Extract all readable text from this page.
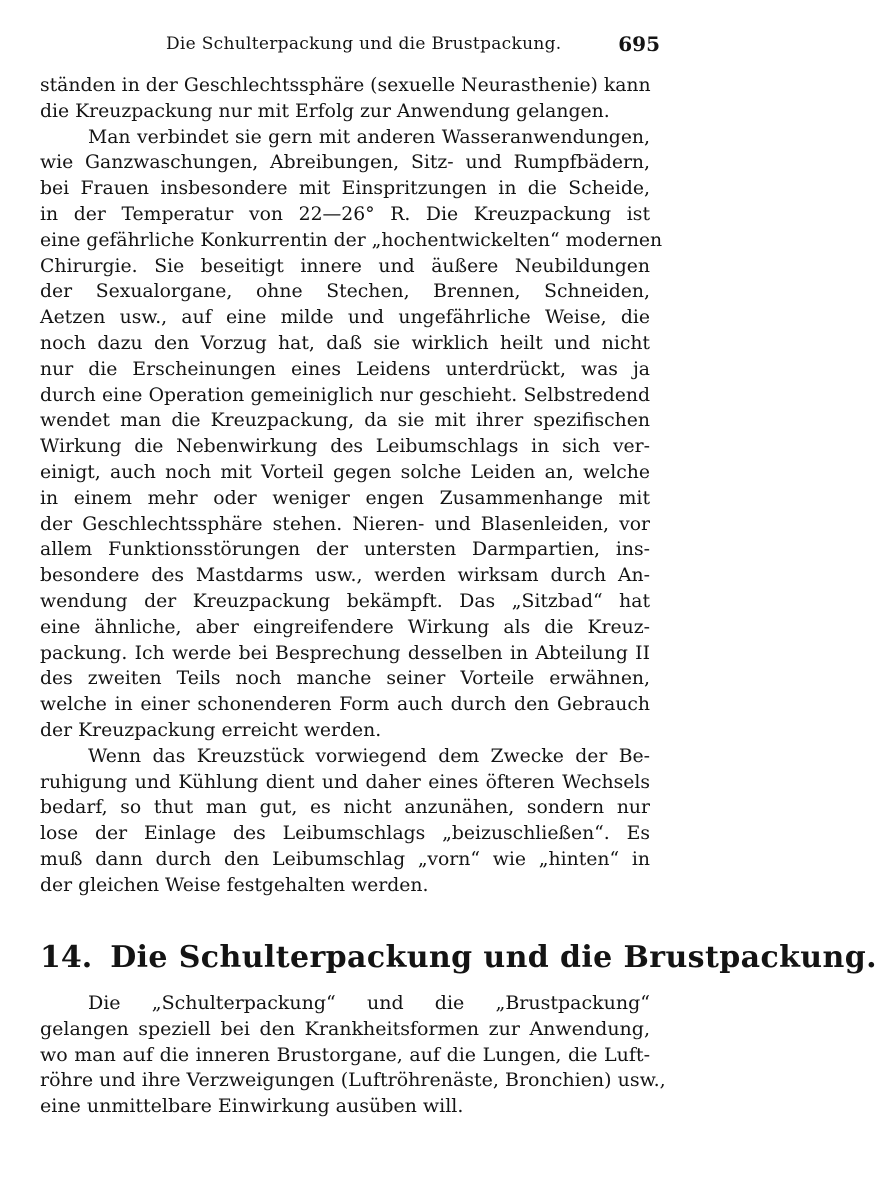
Die Schulterpackung und die Brustpackung.	695
ständen in der Geschlechtssphäre (sexuelle Neurasthenie) kann
die Kreuzpackung nur mit Erfolg zur Anwendung gelangen.
Man verbindet sie gern mit anderen Wasseranwendungen,
wie Ganzwaschungen, Abreibungen, Sitz- und Rumpfbädern,
bei Frauen insbesondere mit Einspritzungen in die Scheide,
in der Temperatur von 22—26° R. Die Kreuzpackung ist
eine gefährliche Konkurrentin der „hochentwickelten“ modernen
Chirurgie. Sie beseitigt innere und äußere Neubildungen
der Sexualorgane, ohne Stechen, Brennen, Schneiden,
Aetzen usw., auf eine milde und ungefährliche Weise, die
noch dazu den Vorzug hat, daß sie wirklich heilt und nicht
nur die Erscheinungen eines Leidens unterdrückt, was ja
durch eine Operation gemeiniglich nur geschieht. Selbstredend
wendet man die Kreuzpackung, da sie mit ihrer spezifischen
Wirkung die Nebenwirkung des Leibumschlags in sich ver-
einigt, auch noch mit Vorteil gegen solche Leiden an, welche
in einem mehr oder weniger engen Zusammenhange mit
der Geschlechtssphäre stehen. Nieren- und Blasenleiden, vor
allem Funktionsstörungen der untersten Darmpartien, ins-
besondere des Mastdarms usw., werden wirksam durch An-
wendung der Kreuzpackung bekämpft. Das „Sitzbad“ hat
eine ähnliche, aber eingreifendere Wirkung als die Kreuz-
packung. Ich werde bei Besprechung desselben in Abteilung II
des zweiten Teils noch manche seiner Vorteile erwähnen,
welche in einer schonenderen Form auch durch den Gebrauch
der Kreuzpackung erreicht werden.
Wenn das Kreuzstück vorwiegend dem Zwecke der Be-
ruhigung und Kühlung dient und daher eines öfteren Wechsels
bedarf, so thut man gut, es nicht anzunähen, sondern nur
lose der Einlage des Leibumschlags „beizuschließen“. Es
muß dann durch den Leibumschlag „vorn“ wie „hinten“ in
der gleichen Weise festgehalten werden.
14. Die Schulterpackung und die Brustpackung.
Die „Schulterpackung“ und die „Brustpackung“
gelangen speziell bei den Krankheitsformen zur Anwendung,
wo man auf die inneren Brustorgane, auf die Lungen, die Luft-
röhre und ihre Verzweigungen (Luftröhrenäste, Bronchien) usw.,
eine unmittelbare Einwirkung ausüben will.
